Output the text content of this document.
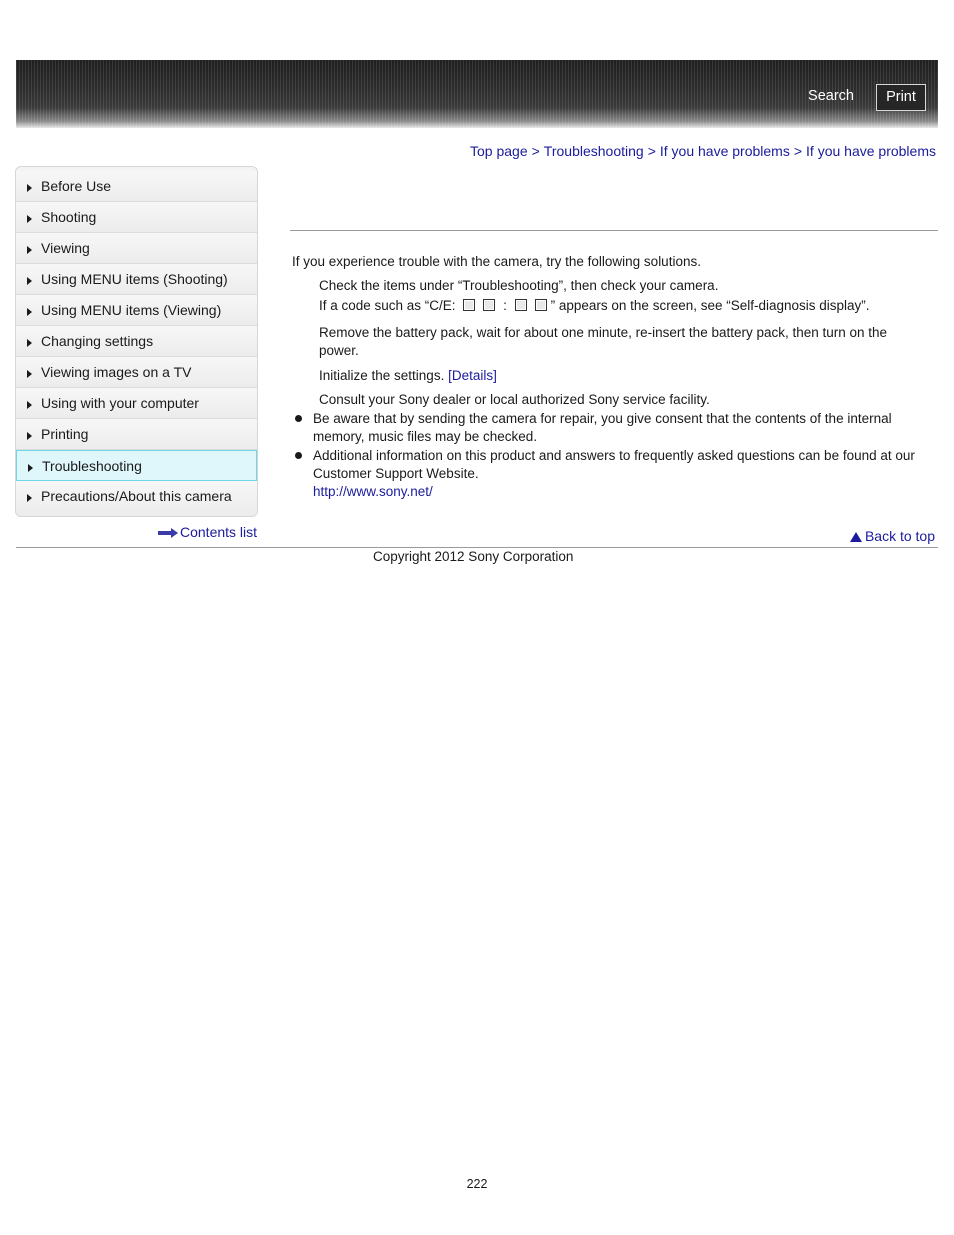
Search	Print
Top page > Troubleshooting > If you have problems > If you have problems
Before Use
Shooting
Viewing
Using MENU items (Shooting)
Using MENU items (Viewing)
Changing settings
Viewing images on a TV
Using with your computer
Printing
Troubleshooting
Precautions/About this camera
Contents list
If you experience trouble with the camera, try the following solutions.
Check the items under “Troubleshooting”, then check your camera.
If a code such as “C/E:	:	” appears on the screen, see “Self-diagnosis display”.
Remove the battery pack, wait for about one minute, re-insert the battery pack, then turn on the power.
Initialize the settings. [Details]
Consult your Sony dealer or local authorized Sony service facility.
Be aware that by sending the camera for repair, you give consent that the contents of the internal memory, music files may be checked.
Additional information on this product and answers to frequently asked questions can be found at our Customer Support Website.
http://www.sony.net/
Back to top
Copyright 2012 Sony Corporation
222
